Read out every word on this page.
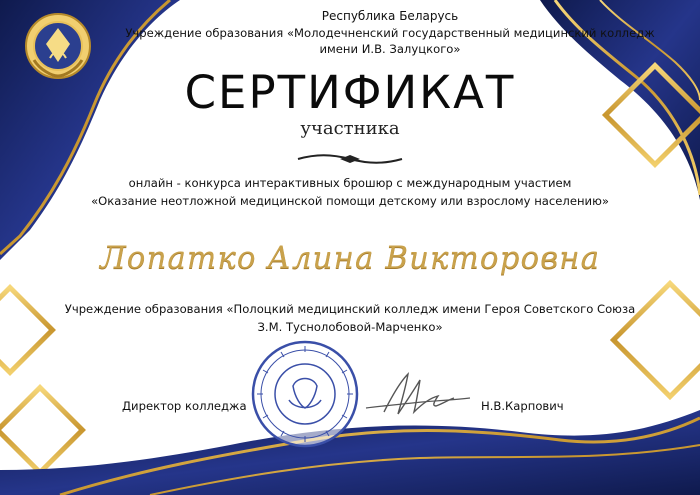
Республика Беларусь
Учреждение образования «Молодечненский государственный медицинский колледж имени И.В. Залуцкого»
СЕРТИФИКАТ
участника
онлайн - конкурса интерактивных брошюр с международным участием
«Оказание неотложной медицинской помощи детскому или взрослому населению»
Лопатко Алина Викторовна
Учреждение образования «Полоцкий медицинский колледж имени Героя Советского Союза
З.М. Туснолобовой-Марченко»
Директор колледжа	Н.В.Карпович
